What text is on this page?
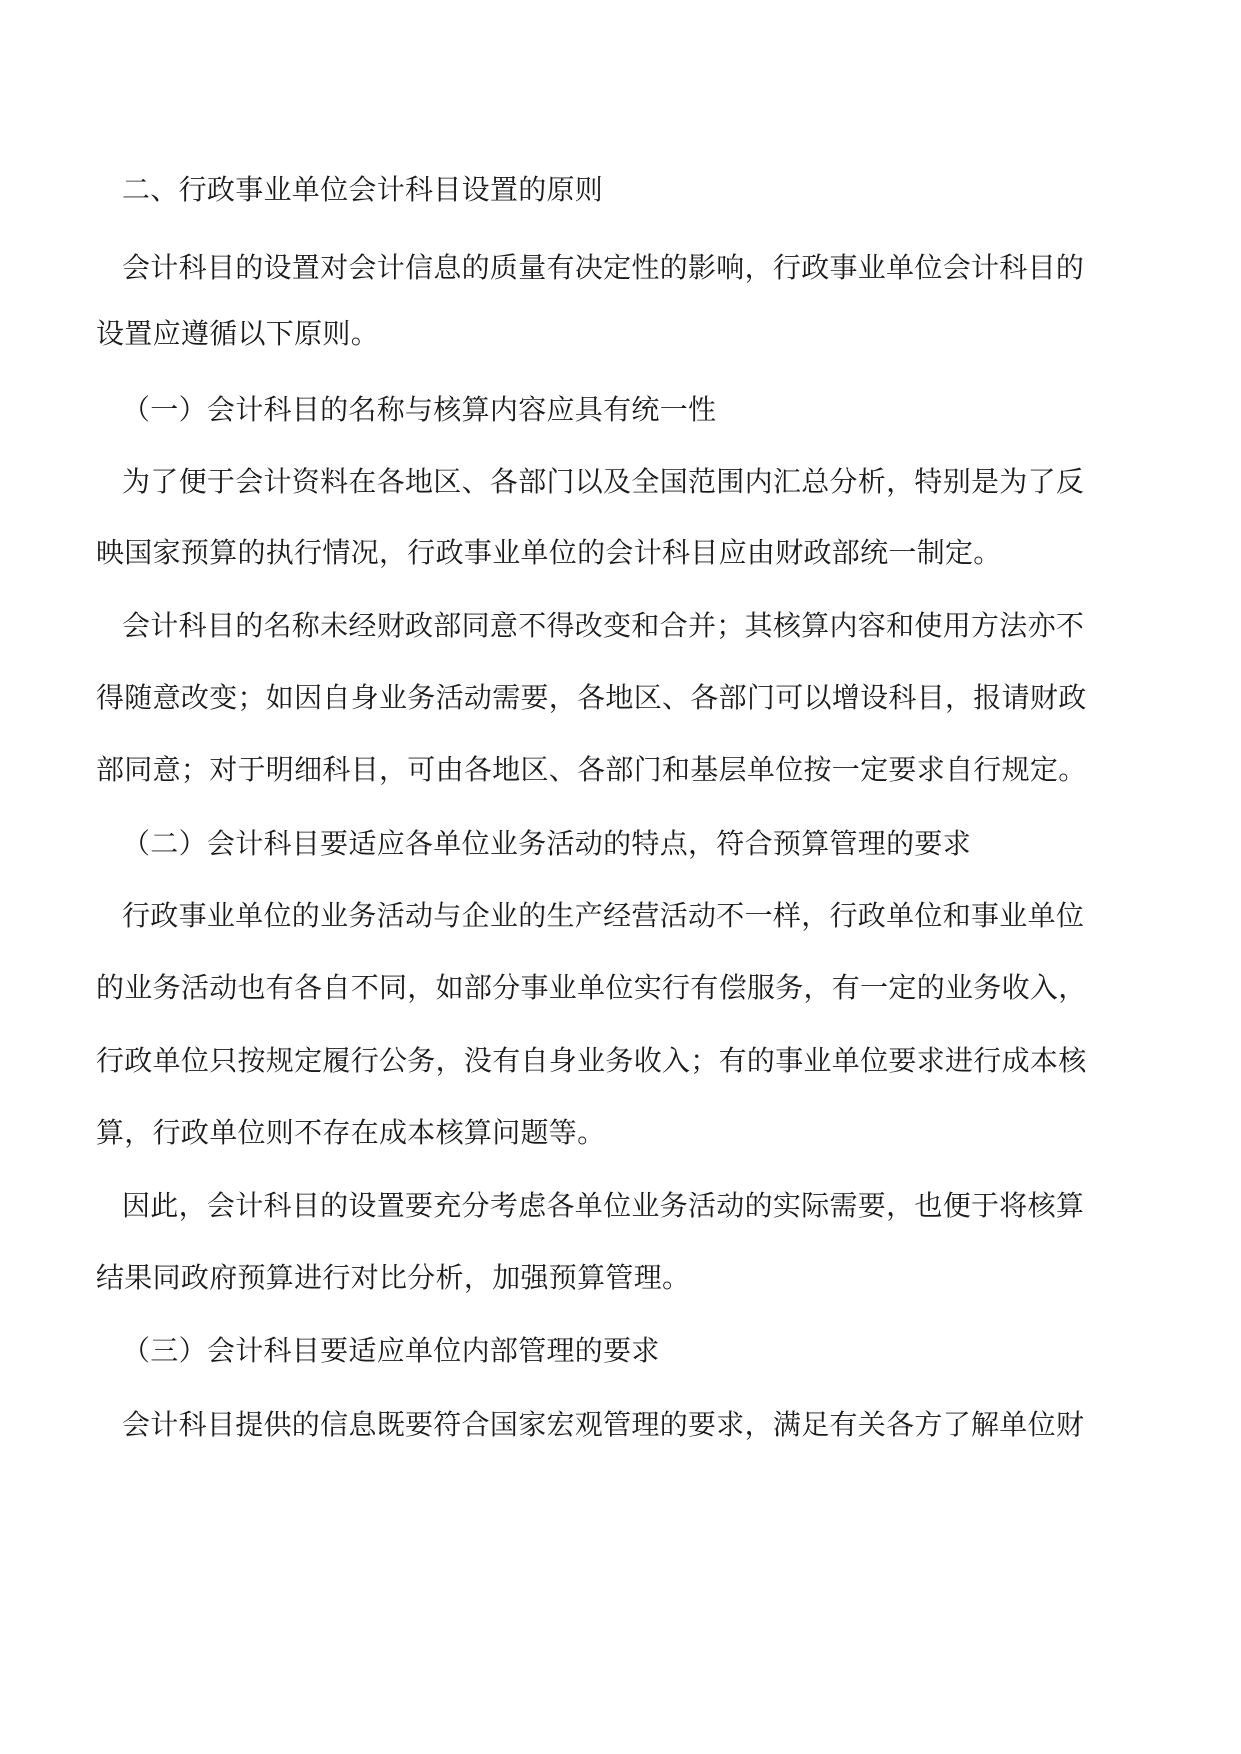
二、行政事业单位会计科目设置的原则

会计科目的设置对会计信息的质量有决定性的影响，行政事业单位会计科目的

设置应遵循以下原则。

（一）会计科目的名称与核算内容应具有统一性

为了便于会计资料在各地区、各部门以及全国范围内汇总分析，特别是为了反

映国家预算的执行情况，行政事业单位的会计科目应由财政部统一制定。

会计科目的名称未经财政部同意不得改变和合并；其核算内容和使用方法亦不

得随意改变；如因自身业务活动需要，各地区、各部门可以增设科目，报请财政

部同意；对于明细科目，可由各地区、各部门和基层单位按一定要求自行规定。

（二）会计科目要适应各单位业务活动的特点，符合预算管理的要求

行政事业单位的业务活动与企业的生产经营活动不一样，行政单位和事业单位

的业务活动也有各自不同，如部分事业单位实行有偿服务，有一定的业务收入，

行政单位只按规定履行公务，没有自身业务收入；有的事业单位要求进行成本核

算，行政单位则不存在成本核算问题等。

因此，会计科目的设置要充分考虑各单位业务活动的实际需要，也便于将核算

结果同政府预算进行对比分析，加强预算管理。

（三）会计科目要适应单位内部管理的要求

会计科目提供的信息既要符合国家宏观管理的要求，满足有关各方了解单位财
